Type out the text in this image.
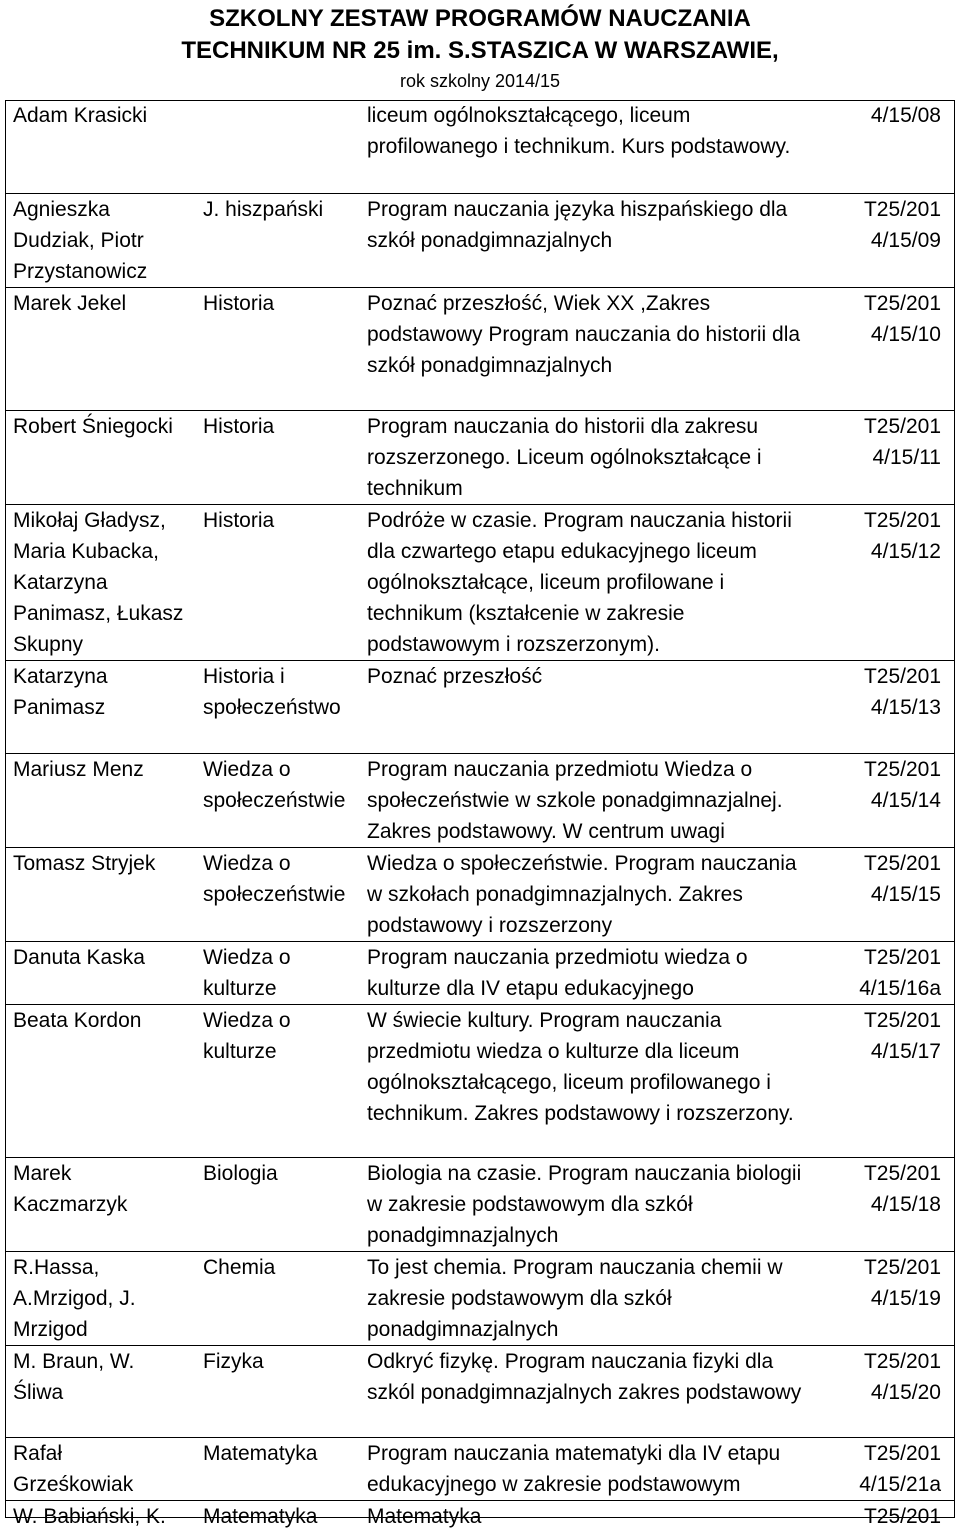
SZKOLNY ZESTAW PROGRAMÓW NAUCZANIA
TECHNIKUM NR 25 im. S.STASZICA W WARSZAWIE,
rok szkolny 2014/15
Adam Krasicki		liceum ogólnokształcącego, liceum profilowanego i technikum. Kurs podstawowy.	4/15/08
Agnieszka Dudziak, Piotr Przystanowicz	J. hiszpański	Program nauczania języka hiszpańskiego dla szkół ponadgimnazjalnych	T25/201 4/15/09
Marek Jekel	Historia	Poznać przeszłość, Wiek XX ,Zakres podstawowy Program nauczania do historii dla szkół ponadgimnazjalnych	T25/201 4/15/10
Robert Śniegocki	Historia	Program nauczania do historii dla zakresu rozszerzonego. Liceum ogólnokształcące i technikum	T25/201 4/15/11
Mikołaj Gładysz, Maria Kubacka, Katarzyna Panimasz, Łukasz Skupny	Historia	Podróże w czasie. Program nauczania historii dla czwartego etapu edukacyjnego liceum ogólnokształcące, liceum profilowane i technikum (kształcenie w zakresie podstawowym i rozszerzonym).	T25/201 4/15/12
Katarzyna Panimasz	Historia i społeczeństwo	Poznać przeszłość	T25/201 4/15/13
Mariusz Menz	Wiedza o społeczeństwie	Program nauczania przedmiotu Wiedza o społeczeństwie w szkole ponadgimnazjalnej. Zakres podstawowy. W centrum uwagi	T25/201 4/15/14
Tomasz Stryjek	Wiedza o społeczeństwie	Wiedza o społeczeństwie. Program nauczania w szkołach ponadgimnazjalnych. Zakres podstawowy i rozszerzony	T25/201 4/15/15
Danuta Kaska	Wiedza o kulturze	Program nauczania przedmiotu wiedza o kulturze dla IV etapu edukacyjnego	T25/201 4/15/16a
Beata Kordon	Wiedza o kulturze	W świecie kultury. Program nauczania przedmiotu wiedza o kulturze dla liceum ogólnokształcącego, liceum profilowanego i technikum. Zakres podstawowy i rozszerzony.	T25/201 4/15/17
Marek Kaczmarzyk	Biologia	Biologia na czasie. Program nauczania biologii w zakresie podstawowym dla szkół ponadgimnazjalnych	T25/201 4/15/18
R.Hassa, A.Mrzigod, J. Mrzigod	Chemia	To jest chemia. Program nauczania chemii w zakresie podstawowym dla szkół ponadgimnazjalnych	T25/201 4/15/19
M. Braun, W. Śliwa	Fizyka	Odkryć fizykę. Program nauczania fizyki dla szkól ponadgimnazjalnych zakres podstawowy	T25/201 4/15/20
Rafał Grześkowiak	Matematyka	Program nauczania matematyki dla IV etapu edukacyjnego w zakresie podstawowym	T25/201 4/15/21a
W. Babiański, K.	Matematyka	Matematyka	T25/201
